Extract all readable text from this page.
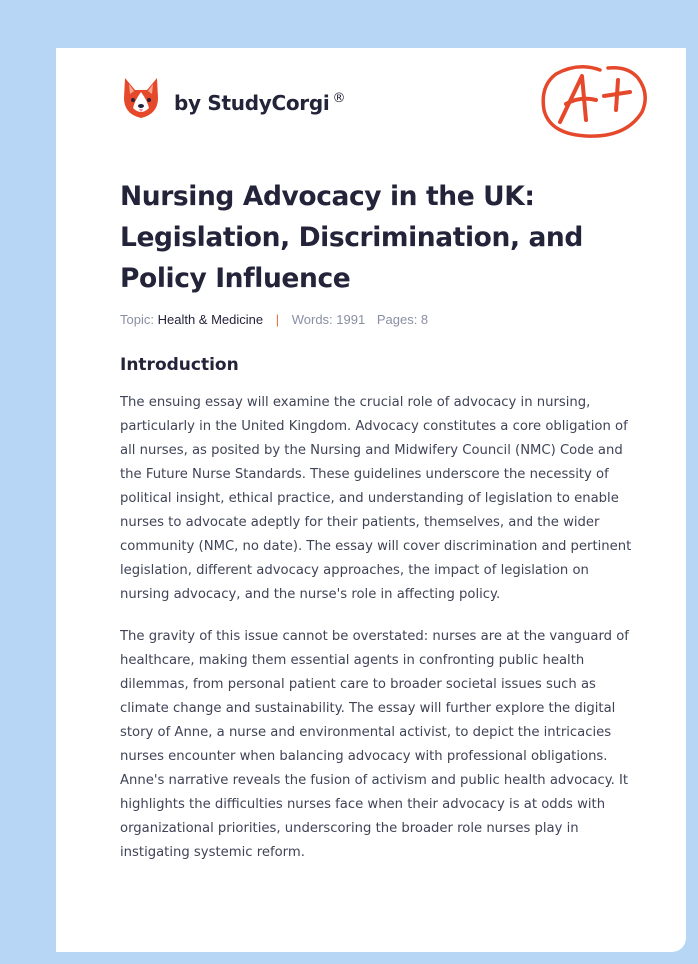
by StudyCorgi ®
Nursing Advocacy in the UK: Legislation, Discrimination, and Policy Influence
Topic: Health & Medicine | Words: 1991 Pages: 8
Introduction

The ensuing essay will examine the crucial role of advocacy in nursing, particularly in the United Kingdom. Advocacy constitutes a core obligation of all nurses, as posited by the Nursing and Midwifery Council (NMC) Code and the Future Nurse Standards. These guidelines underscore the necessity of political insight, ethical practice, and understanding of legislation to enable nurses to advocate adeptly for their patients, themselves, and the wider community (NMC, no date). The essay will cover discrimination and pertinent legislation, different advocacy approaches, the impact of legislation on nursing advocacy, and the nurse's role in affecting policy.

The gravity of this issue cannot be overstated: nurses are at the vanguard of healthcare, making them essential agents in confronting public health dilemmas, from personal patient care to broader societal issues such as climate change and sustainability. The essay will further explore the digital story of Anne, a nurse and environmental activist, to depict the intricacies nurses encounter when balancing advocacy with professional obligations. Anne's narrative reveals the fusion of activism and public health advocacy. It highlights the difficulties nurses face when their advocacy is at odds with organizational priorities, underscoring the broader role nurses play in instigating systemic reform.
